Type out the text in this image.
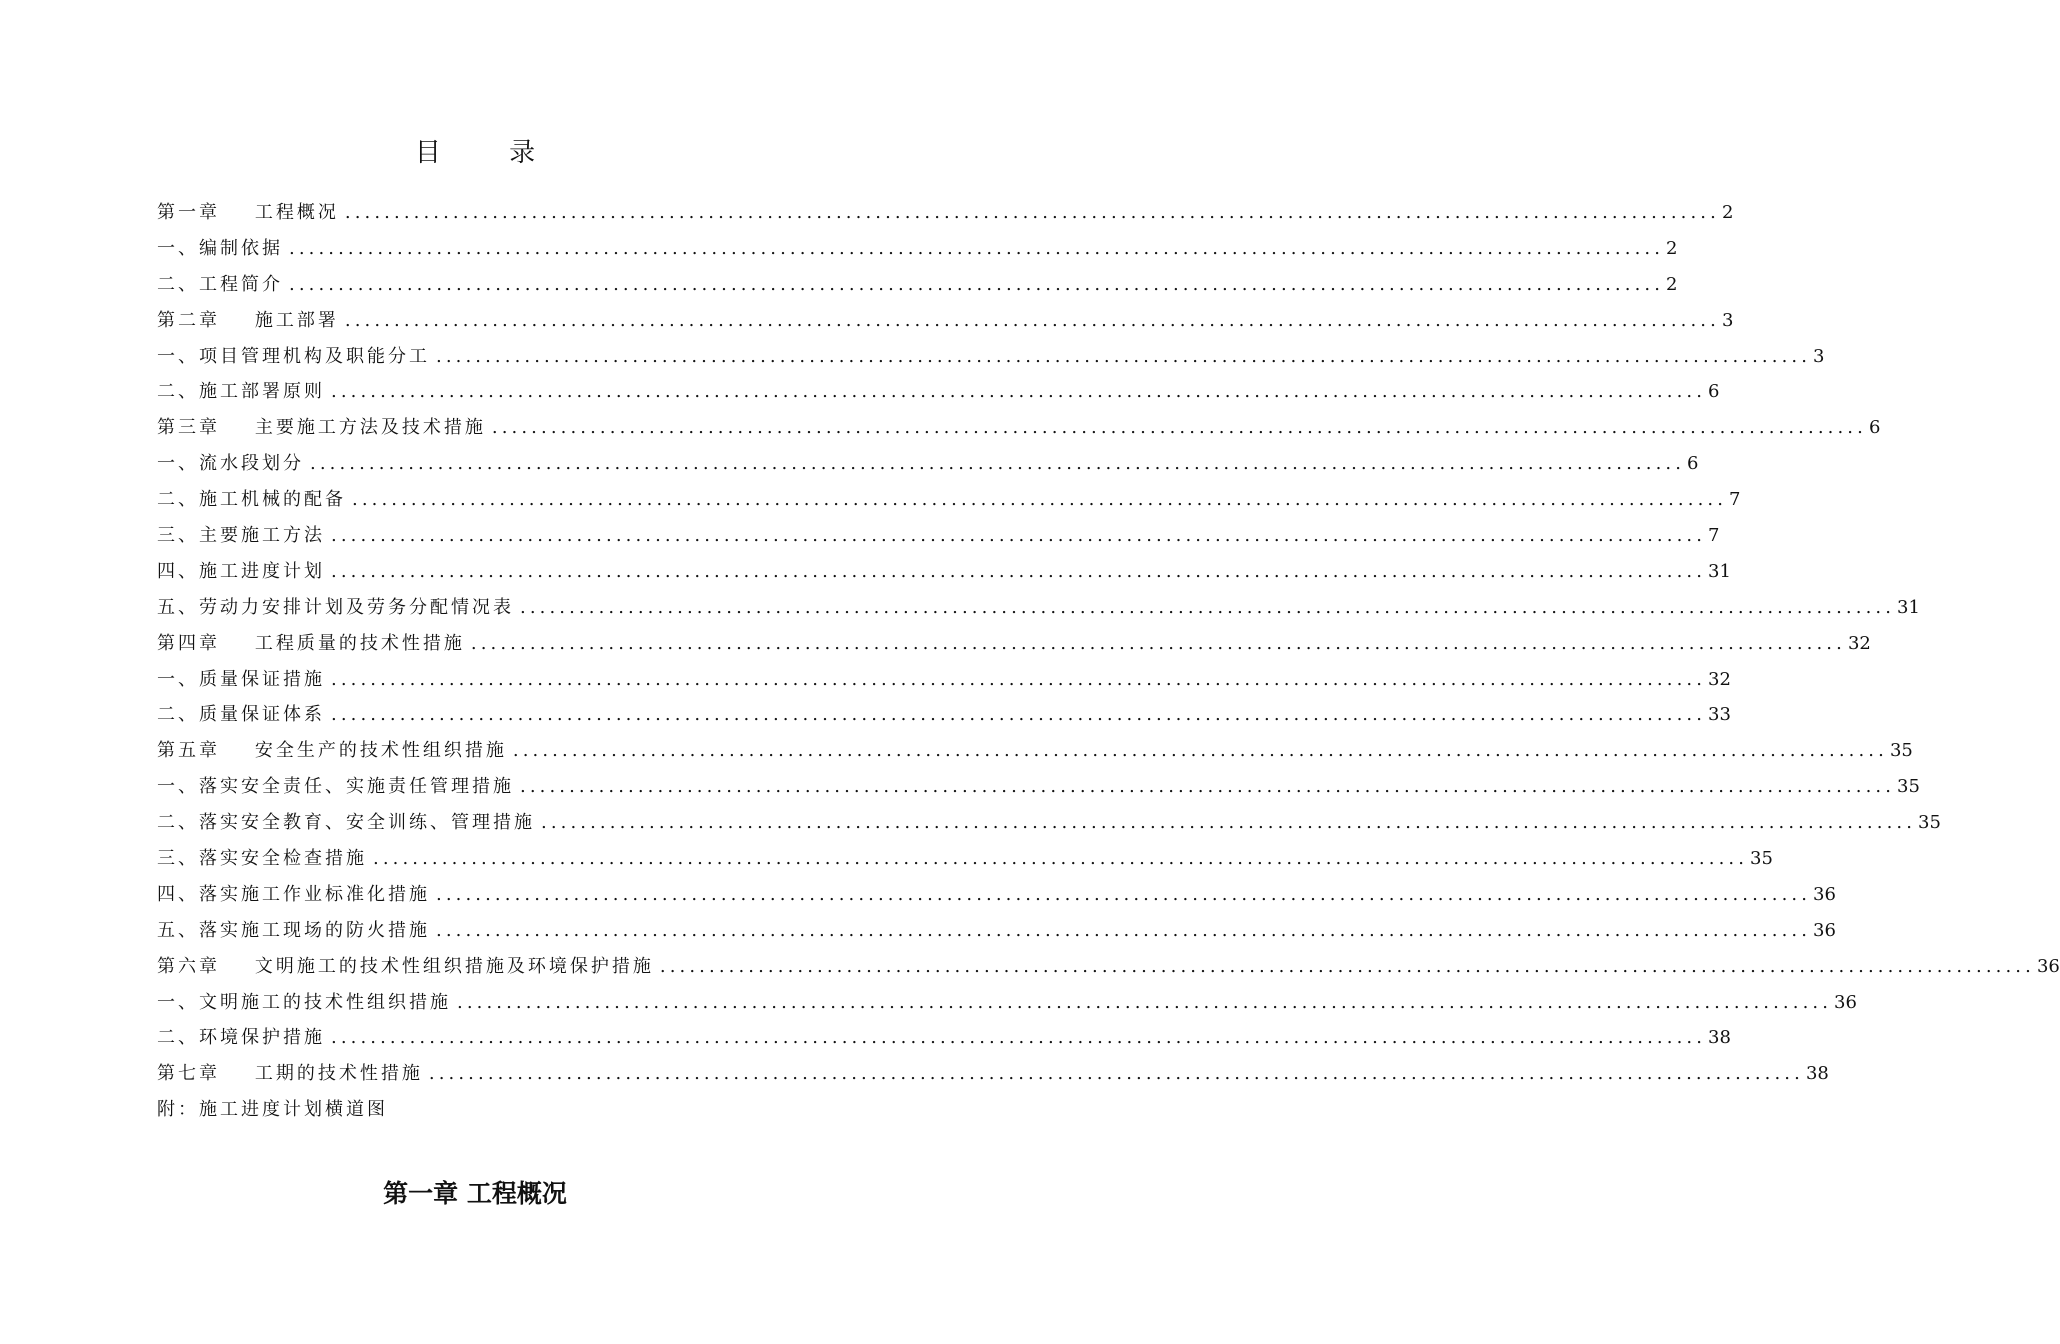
目 录
第一章    工程概况 ............................................................................................................................................ 2
一、编制依据 ............................................................................................................................................ 2
二、工程简介 ............................................................................................................................................ 2
第二章    施工部署 ............................................................................................................................................ 3
一、项目管理机构及职能分工 ............................................................................................................................................ 3
二、施工部署原则 ............................................................................................................................................ 6
第三章    主要施工方法及技术措施 ............................................................................................................................................ 6
一、流水段划分 ............................................................................................................................................ 6
二、施工机械的配备 ............................................................................................................................................ 7
三、主要施工方法 ............................................................................................................................................ 7
四、施工进度计划 ............................................................................................................................................ 31
五、劳动力安排计划及劳务分配情况表 ............................................................................................................................................ 31
第四章    工程质量的技术性措施 ............................................................................................................................................ 32
一、质量保证措施 ............................................................................................................................................ 32
二、质量保证体系 ............................................................................................................................................ 33
第五章    安全生产的技术性组织措施 ............................................................................................................................................ 35
一、落实安全责任、实施责任管理措施 ............................................................................................................................................ 35
二、落实安全教育、安全训练、管理措施 ............................................................................................................................................ 35
三、落实安全检查措施 ............................................................................................................................................ 35
四、落实施工作业标准化措施 ............................................................................................................................................ 36
五、落实施工现场的防火措施 ............................................................................................................................................ 36
第六章    文明施工的技术性组织措施及环境保护措施 ............................................................................................................................................ 36
一、文明施工的技术性组织措施 ............................................................................................................................................ 36
二、环境保护措施 ............................................................................................................................................ 38
第七章    工期的技术性措施 ............................................................................................................................................ 38
附：施工进度计划横道图
第一章 工程概况
